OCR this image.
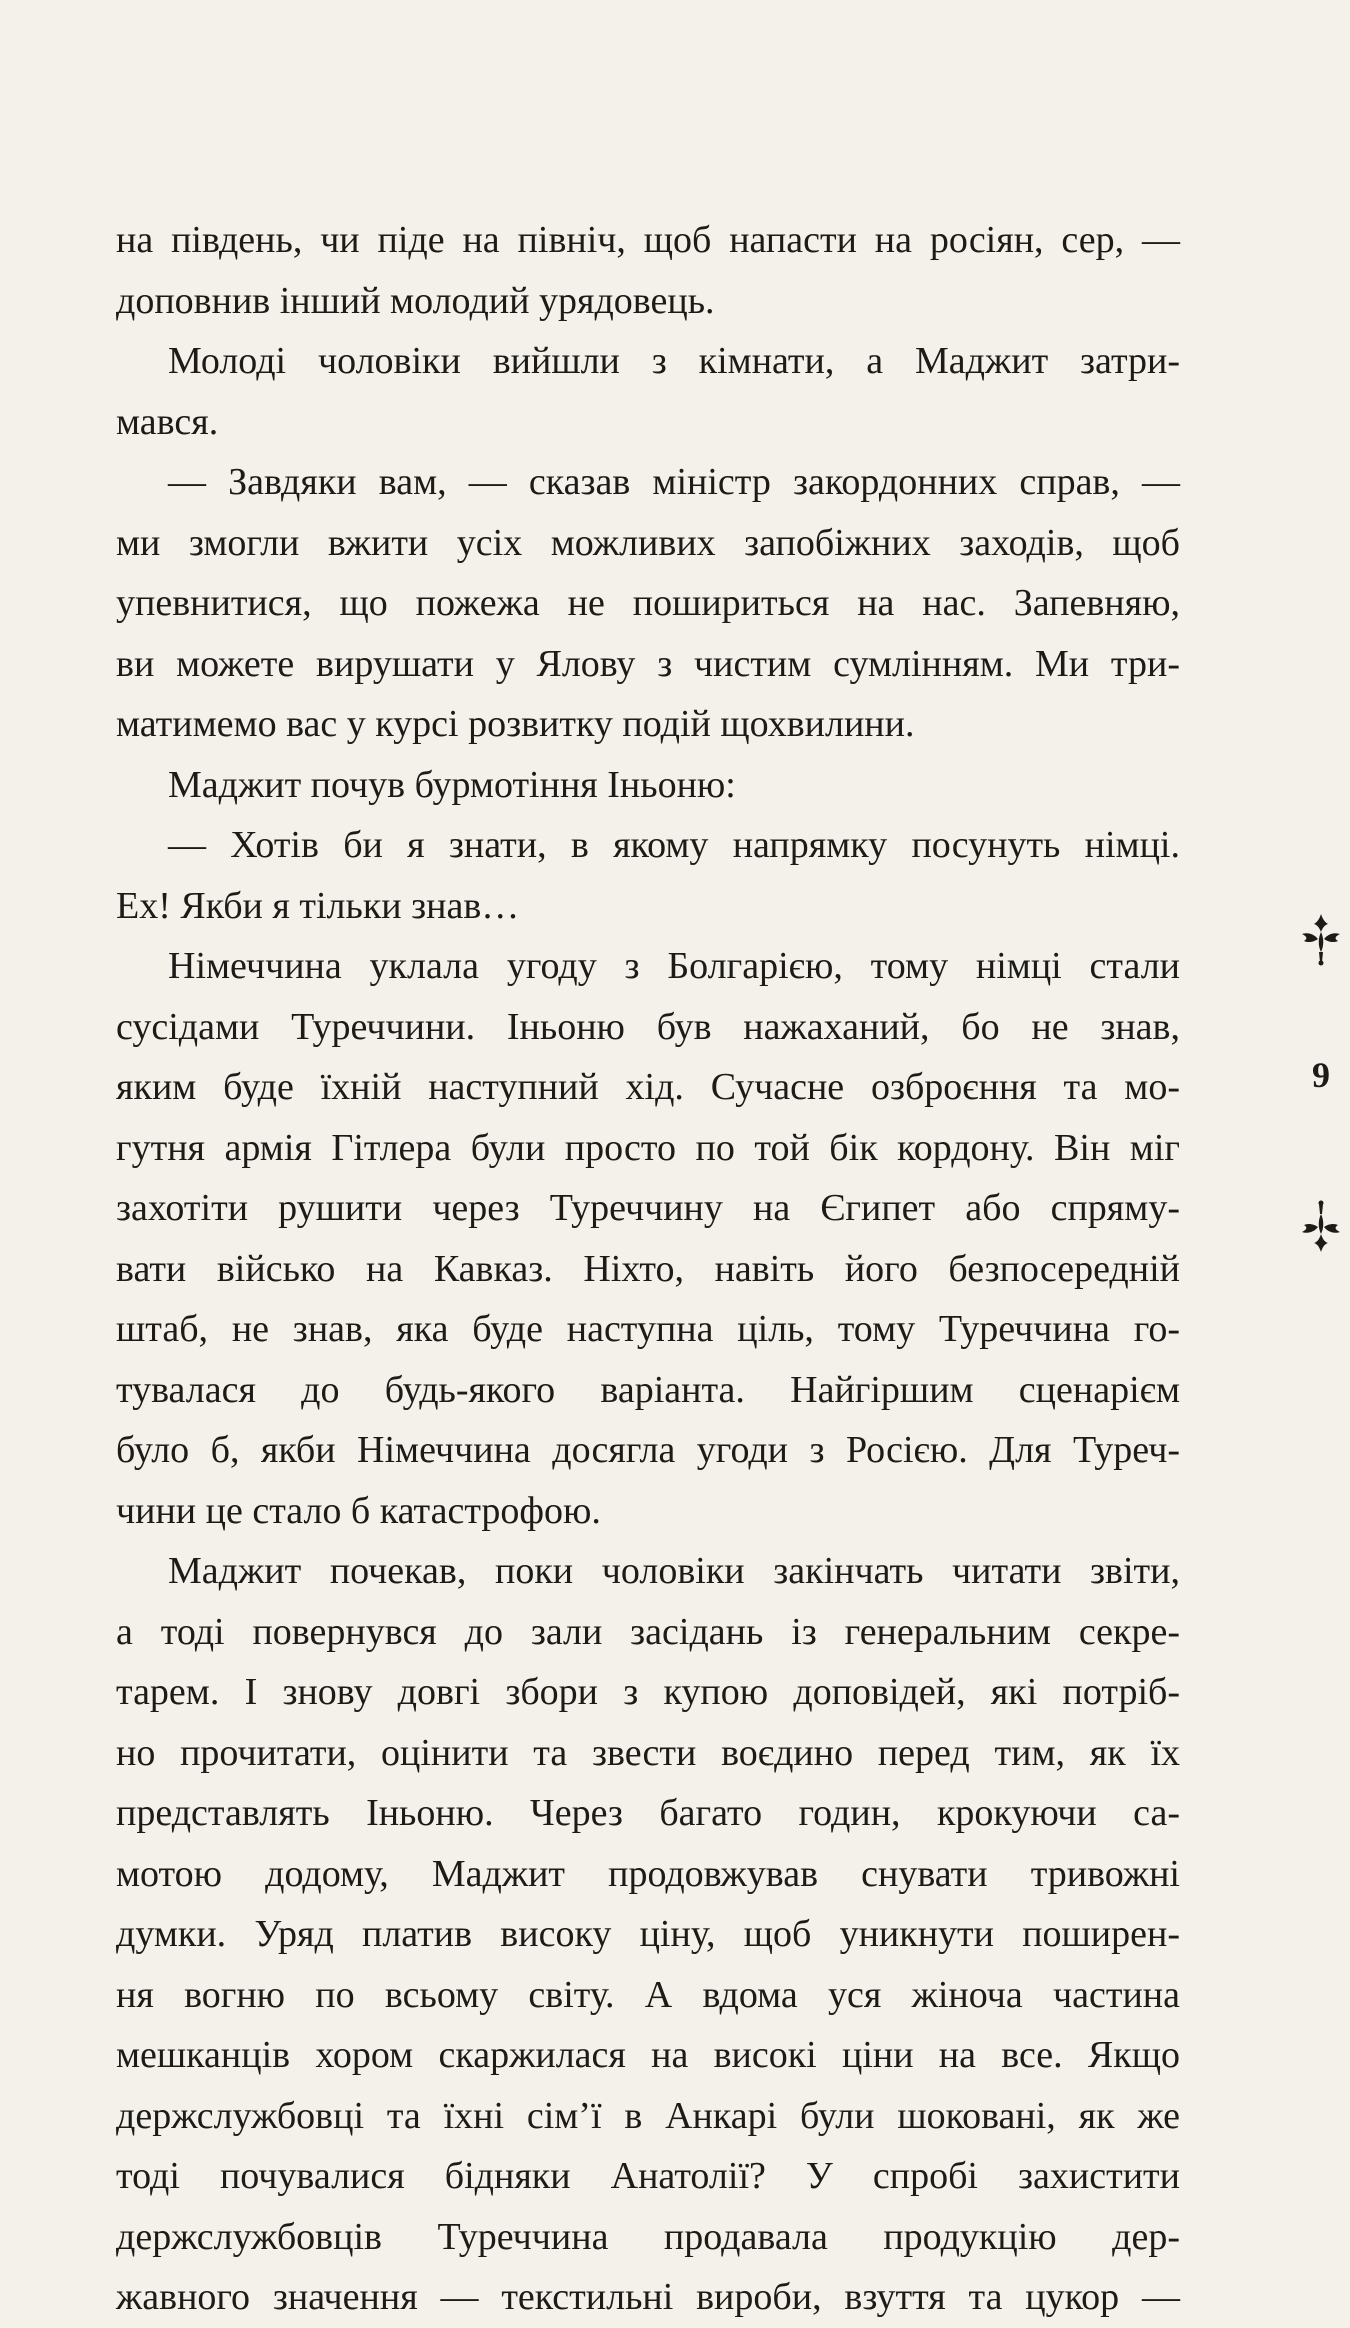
на південь, чи піде на північ, щоб напасти на росіян, сер, —
доповнив інший молодий урядовець.
Молоді чоловіки вийшли з кімнати, а Маджит затри-
мався.
— Завдяки вам, — сказав міністр закордонних справ, —
ми змогли вжити усіх можливих запобіжних заходів, щоб
упевнитися, що пожежа не пошириться на нас. Запевняю,
ви можете вирушати у Ялову з чистим сумлінням. Ми три-
матимемо вас у курсі розвитку подій щохвилини.
Маджит почув бурмотіння Іньоню:
— Хотів би я знати, в якому напрямку посунуть німці.
Ех! Якби я тільки знав…
Німеччина уклала угоду з Болгарією, тому німці стали
сусідами Туреччини. Іньоню був нажаханий, бо не знав,
яким буде їхній наступний хід. Сучасне озброєння та мо-
гутня армія Гітлера були просто по той бік кордону. Він міг
захотіти рушити через Туреччину на Єгипет або спряму-
вати військо на Кавказ. Ніхто, навіть його безпосередній
штаб, не знав, яка буде наступна ціль, тому Туреччина го-
тувалася до будь-якого варіанта. Найгіршим сценарієм
було б, якби Німеччина досягла угоди з Росією. Для Туреч-
чини це стало б катастрофою.
Маджит почекав, поки чоловіки закінчать читати звіти,
а тоді повернувся до зали засідань із генеральним секре-
тарем. І знову довгі збори з купою доповідей, які потріб-
но прочитати, оцінити та звести воєдино перед тим, як їх
представлять Іньоню. Через багато годин, крокуючи са-
мотою додому, Маджит продовжував снувати тривожні
думки. Уряд платив високу ціну, щоб уникнути поширен-
ня вогню по всьому світу. А вдома уся жіноча частина
мешканців хором скаржилася на високі ціни на все. Якщо
держслужбовці та їхні сім’ї в Анкарі були шоковані, як же
тоді почувалися бідняки Анатолії? У спробі захистити
держслужбовців Туреччина продавала продукцію дер-
жавного значення — текстильні вироби, взуття та цукор —
9
